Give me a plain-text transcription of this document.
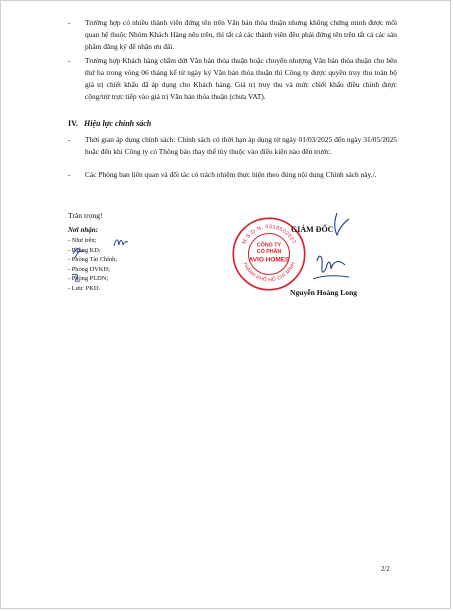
- Trường hợp có nhiều thành viên đứng tên trên Văn bản thỏa thuận nhưng không chứng minh được mối quan hệ thuộc Nhóm Khách Hàng nêu trên, thì tất cả các thành viên đều phải đứng tên trên tất cả các sản phẩm đăng ký để nhận ưu đãi.
- Trường hợp Khách hàng chấm dứt Văn bản thỏa thuận hoặc chuyển nhượng Văn bản thỏa thuận cho bên thứ ba trong vòng 06 tháng kể từ ngày ký Văn bản thỏa thuận thì Công ty được quyền truy thu toàn bộ giá trị chiết khấu đã áp dụng cho Khách hàng. Giá trị truy thu và mức chiết khấu điều chỉnh được cộng/trừ trực tiếp vào giá trị Văn bản thỏa thuận (chưa VAT).
IV. Hiệu lực chính sách
- Thời gian áp dụng chính sách: Chính sách có thời hạn áp dụng từ ngày 01/03/2025 đến ngày 31/05/2025 hoặc đến khi Công ty có Thông báo thay thế tùy thuộc vào điều kiện nào đến trước.
- Các Phòng ban liên quan và đối tác có trách nhiệm thực hiện theo đúng nội dung Chính sách này./.
Trân trọng!
Nơi nhận:
- Như trên;
- Phòng KD;
- Phòng Tài Chính;
- Phòng DVKH;
- Phòng PLDN;
- Lưu: PKD.
M.S.D.N: 0318502527
THÀNH PHỐ HỒ CHÍ MINH
CÔNG TY
CỔ PHẦN
AVIO HOMES
GIÁM ĐỐC
Nguyễn Hoàng Long
2/2
